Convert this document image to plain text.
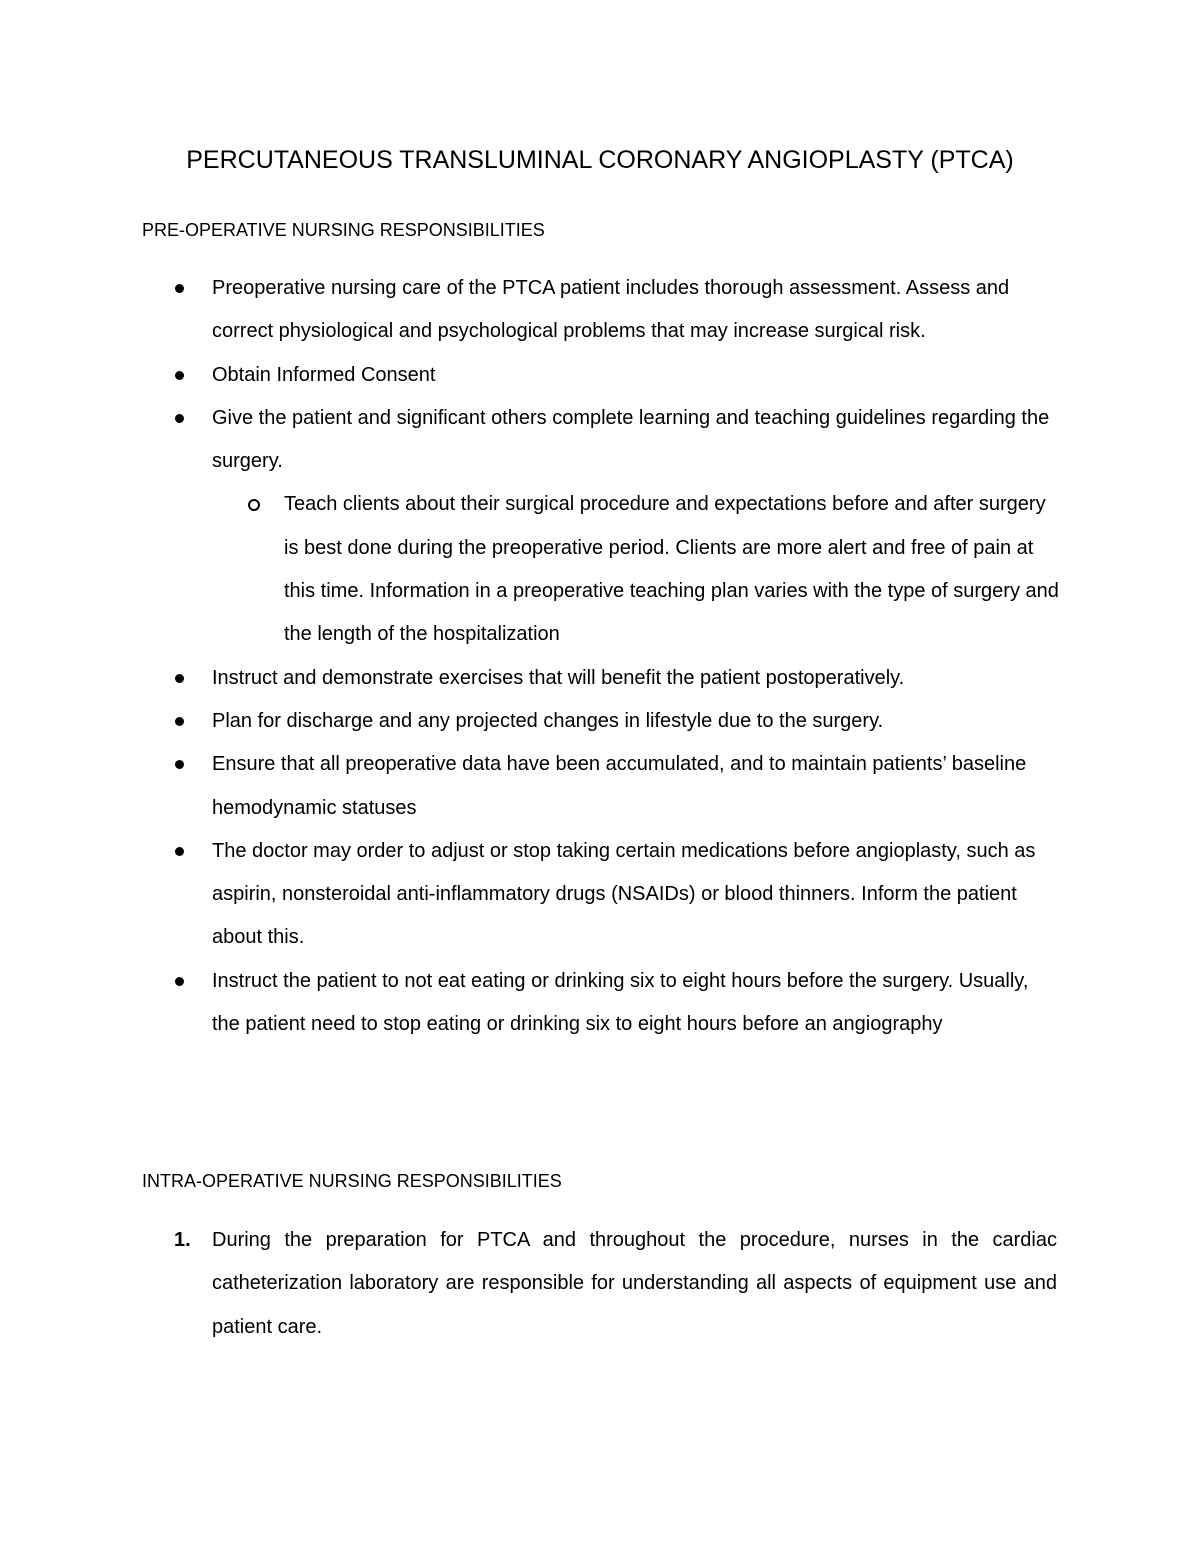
PERCUTANEOUS TRANSLUMINAL CORONARY ANGIOPLASTY (PTCA)
PRE-OPERATIVE NURSING RESPONSIBILITIES
Preoperative nursing care of the PTCA patient includes thorough assessment. Assess and correct physiological and psychological problems that may increase surgical risk.
Obtain Informed Consent
Give the patient and significant others complete learning and teaching guidelines regarding the surgery.
Teach clients about their surgical procedure and expectations before and after surgery is best done during the preoperative period. Clients are more alert and free of pain at this time. Information in a preoperative teaching plan varies with the type of surgery and the length of the hospitalization
Instruct and demonstrate exercises that will benefit the patient postoperatively.
Plan for discharge and any projected changes in lifestyle due to the surgery.
Ensure that all preoperative data have been accumulated, and to maintain patients’ baseline hemodynamic statuses
The doctor may order to adjust or stop taking certain medications before angioplasty, such as aspirin, nonsteroidal anti-inflammatory drugs (NSAIDs) or blood thinners. Inform the patient about this.
Instruct the patient to not eat eating or drinking six to eight hours before the surgery. Usually, the patient need to stop eating or drinking six to eight hours before an angiography
INTRA-OPERATIVE NURSING RESPONSIBILITIES
1. During the preparation for PTCA and throughout the procedure, nurses in the cardiac catheterization laboratory are responsible for understanding all aspects of equipment use and patient care.
